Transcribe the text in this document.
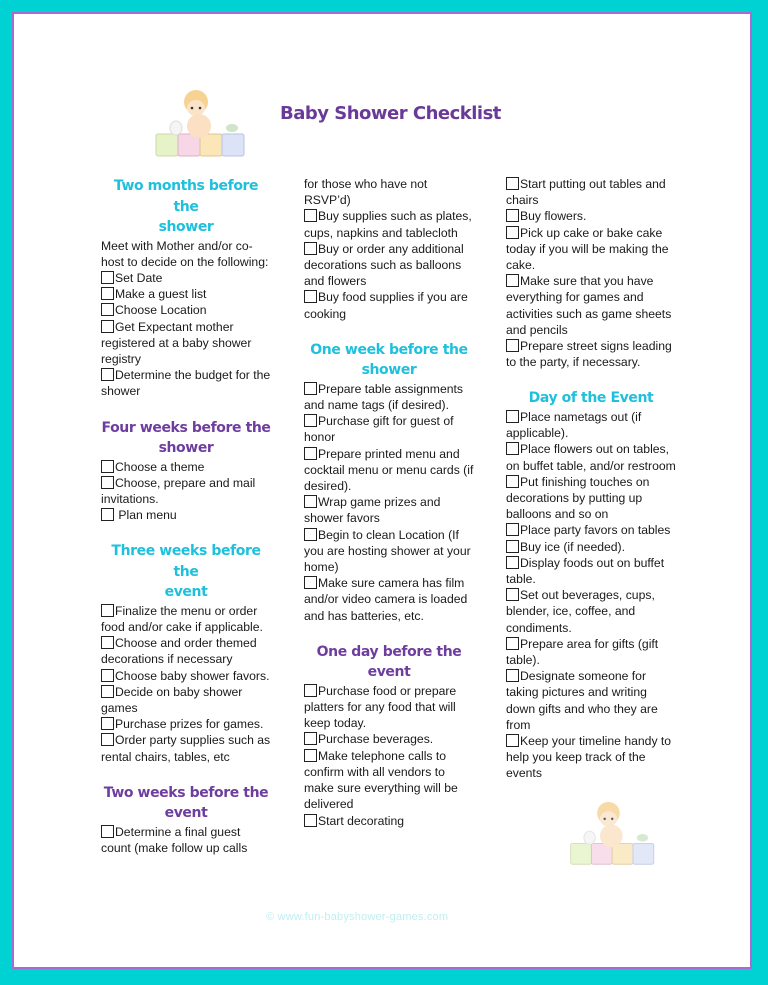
Baby Shower Checklist

Two months before the
shower

Meet with Mother and/or co-host to decide on the following:

Set Date

Make a guest list

Choose Location

Get Expectant mother registered at a baby shower registry

Determine the budget for the shower

Four weeks before the
shower

Choose a theme

Choose, prepare and mail invitations.

Plan menu

Three weeks before the
event

Finalize the menu or order food and/or cake if applicable.

Choose and order themed decorations if necessary

Choose baby shower favors.

Decide on baby shower games

Purchase prizes for games.

Order party supplies such as rental chairs, tables, etc

Two weeks before the
event

Determine a final guest count (make follow up calls

for those who have not RSVP’d)

Buy supplies such as plates, cups, napkins and tablecloth

Buy or order any additional decorations such as balloons and flowers

Buy food supplies if you are cooking

One week before the
shower

Prepare table assignments and name tags (if desired).

Purchase gift for guest of honor

Prepare printed menu and cocktail menu or menu cards (if desired).

Wrap game prizes and shower favors

Begin to clean Location (If you are hosting shower at your home)

Make sure camera has film and/or video camera is loaded and has batteries, etc.

One day before the
event

Purchase food or prepare platters for any food that will keep today.

Purchase beverages.

Make telephone calls to confirm with all vendors to make sure everything will be delivered

Start decorating

Start putting out tables and chairs

Buy flowers.

Pick up cake or bake cake today if you will be making the cake.

Make sure that you have everything for games and activities such as game sheets and pencils

Prepare street signs leading to the party, if necessary.

Day of the Event

Place nametags out (if applicable).

Place flowers out on tables, on buffet table, and/or restroom

Put finishing touches on decorations by putting up balloons and so on

Place party favors on tables

Buy ice (if needed).

Display foods out on buffet table.

Set out beverages, cups, blender, ice, coffee, and condiments.

Prepare area for gifts (gift table).

Designate someone for taking pictures and writing down gifts and who they are from

Keep your timeline handy to help you keep track of the events

© www.fun-babyshower-games.com
